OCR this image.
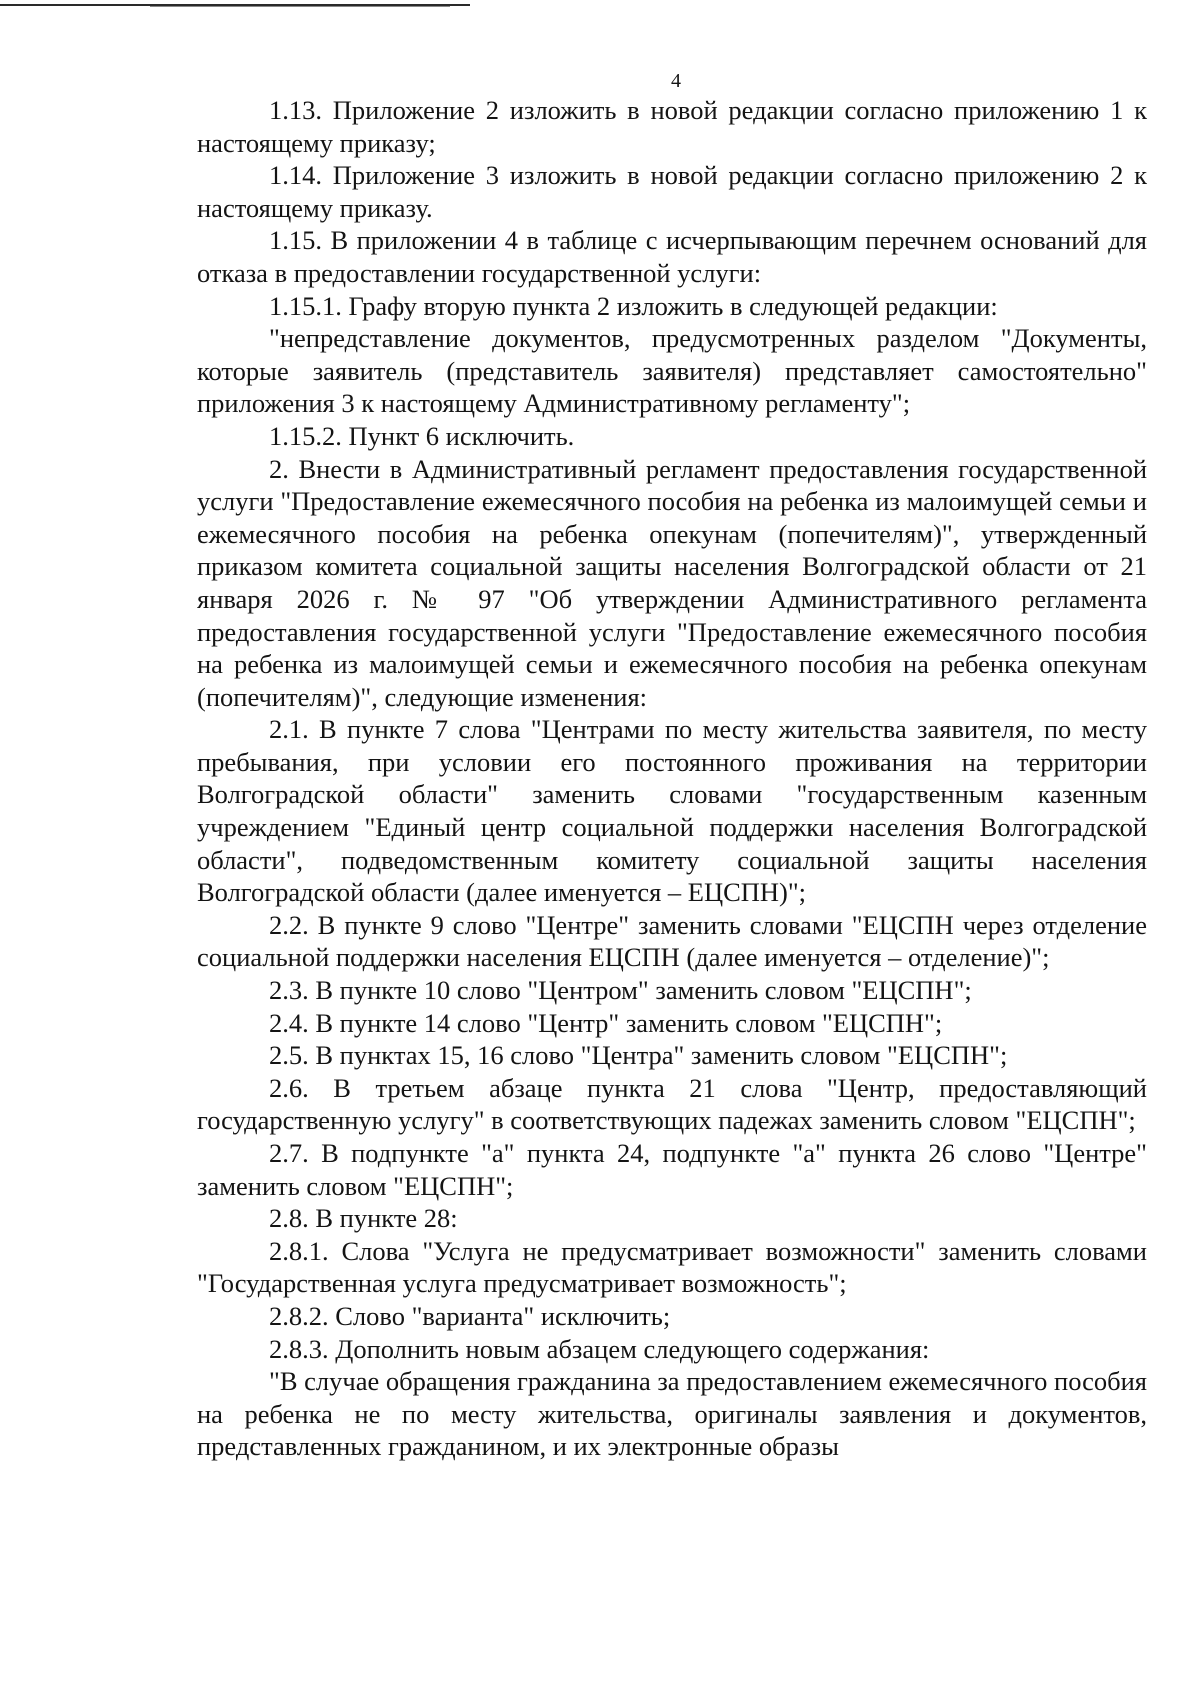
4

1.13. Приложение 2 изложить в новой редакции согласно приложению 1 к настоящему приказу;

1.14. Приложение 3 изложить в новой редакции согласно приложению 2 к настоящему приказу.

1.15. В приложении 4 в таблице с исчерпывающим перечнем оснований для отказа в предоставлении государственной услуги:

1.15.1. Графу вторую пункта 2 изложить в следующей редакции:

"непредставление документов, предусмотренных разделом "Документы, которые заявитель (представитель заявителя) представляет самостоятельно" приложения 3 к настоящему Административному регламенту";

1.15.2. Пункт 6 исключить.

2. Внести в Административный регламент предоставления государственной услуги "Предоставление ежемесячного пособия на ребенка из малоимущей семьи и ежемесячного пособия на ребенка опекунам (попечителям)", утвержденный приказом комитета социальной защиты населения Волгоградской области от 21 января 2026 г. № 97 "Об утверждении Административного регламента предоставления государственной услуги "Предоставление ежемесячного пособия на ребенка из малоимущей семьи и ежемесячного пособия на ребенка опекунам (попечителям)", следующие изменения:

2.1. В пункте 7 слова "Центрами по месту жительства заявителя, по месту пребывания, при условии его постоянного проживания на территории Волгоградской области" заменить словами "государственным казенным учреждением "Единый центр социальной поддержки населения Волгоградской области", подведомственным комитету социальной защиты населения Волгоградской области (далее именуется – ЕЦСПН)";

2.2. В пункте 9 слово "Центре" заменить словами "ЕЦСПН через отделение социальной поддержки населения ЕЦСПН (далее именуется – отделение)";

2.3. В пункте 10 слово "Центром" заменить словом "ЕЦСПН";

2.4. В пункте 14 слово "Центр" заменить словом "ЕЦСПН";

2.5. В пунктах 15, 16 слово "Центра" заменить словом "ЕЦСПН";

2.6. В третьем абзаце пункта 21 слова "Центр, предоставляющий государственную услугу" в соответствующих падежах заменить словом "ЕЦСПН";

2.7. В подпункте "а" пункта 24, подпункте "а" пункта 26 слово "Центре" заменить словом "ЕЦСПН";

2.8. В пункте 28:

2.8.1. Слова "Услуга не предусматривает возможности" заменить словами "Государственная услуга предусматривает возможность";

2.8.2. Слово "варианта" исключить;

2.8.3. Дополнить новым абзацем следующего содержания:

"В случае обращения гражданина за предоставлением ежемесячного пособия на ребенка не по месту жительства, оригиналы заявления и документов, представленных гражданином, и их электронные образы
